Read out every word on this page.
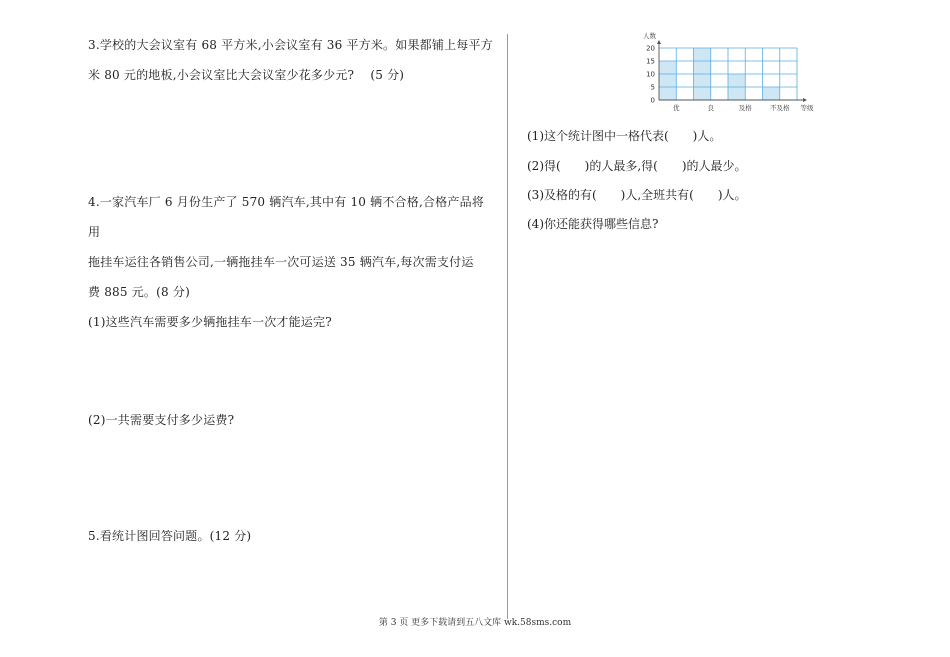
3.学校的大会议室有 68 平方米,小会议室有 36 平方米。如果都铺上每平方

米 80 元的地板,小会议室比大会议室少花多少元?　 (5 分)

4.一家汽车厂 6 月份生产了 570 辆汽车,其中有 10 辆不合格,合格产品将用

拖挂车运往各销售公司,一辆拖挂车一次可运送 35 辆汽车,每次需支付运

费 885 元。(8 分)

(1)这些汽车需要多少辆拖挂车一次才能运完?

(2)一共需要支付多少运费?

5.看统计图回答问题。(12 分)

0
5
10
15
20
人数
优	良	及格	不及格 等级

(1)这个统计图中一格代表(　　)人。

(2)得(　　)的人最多,得(　　)的人最少。

(3)及格的有(　　)人,全班共有(　　)人。

(4)你还能获得哪些信息?

第 3 页 更多下载请到五八文库 wk.58sms.com
